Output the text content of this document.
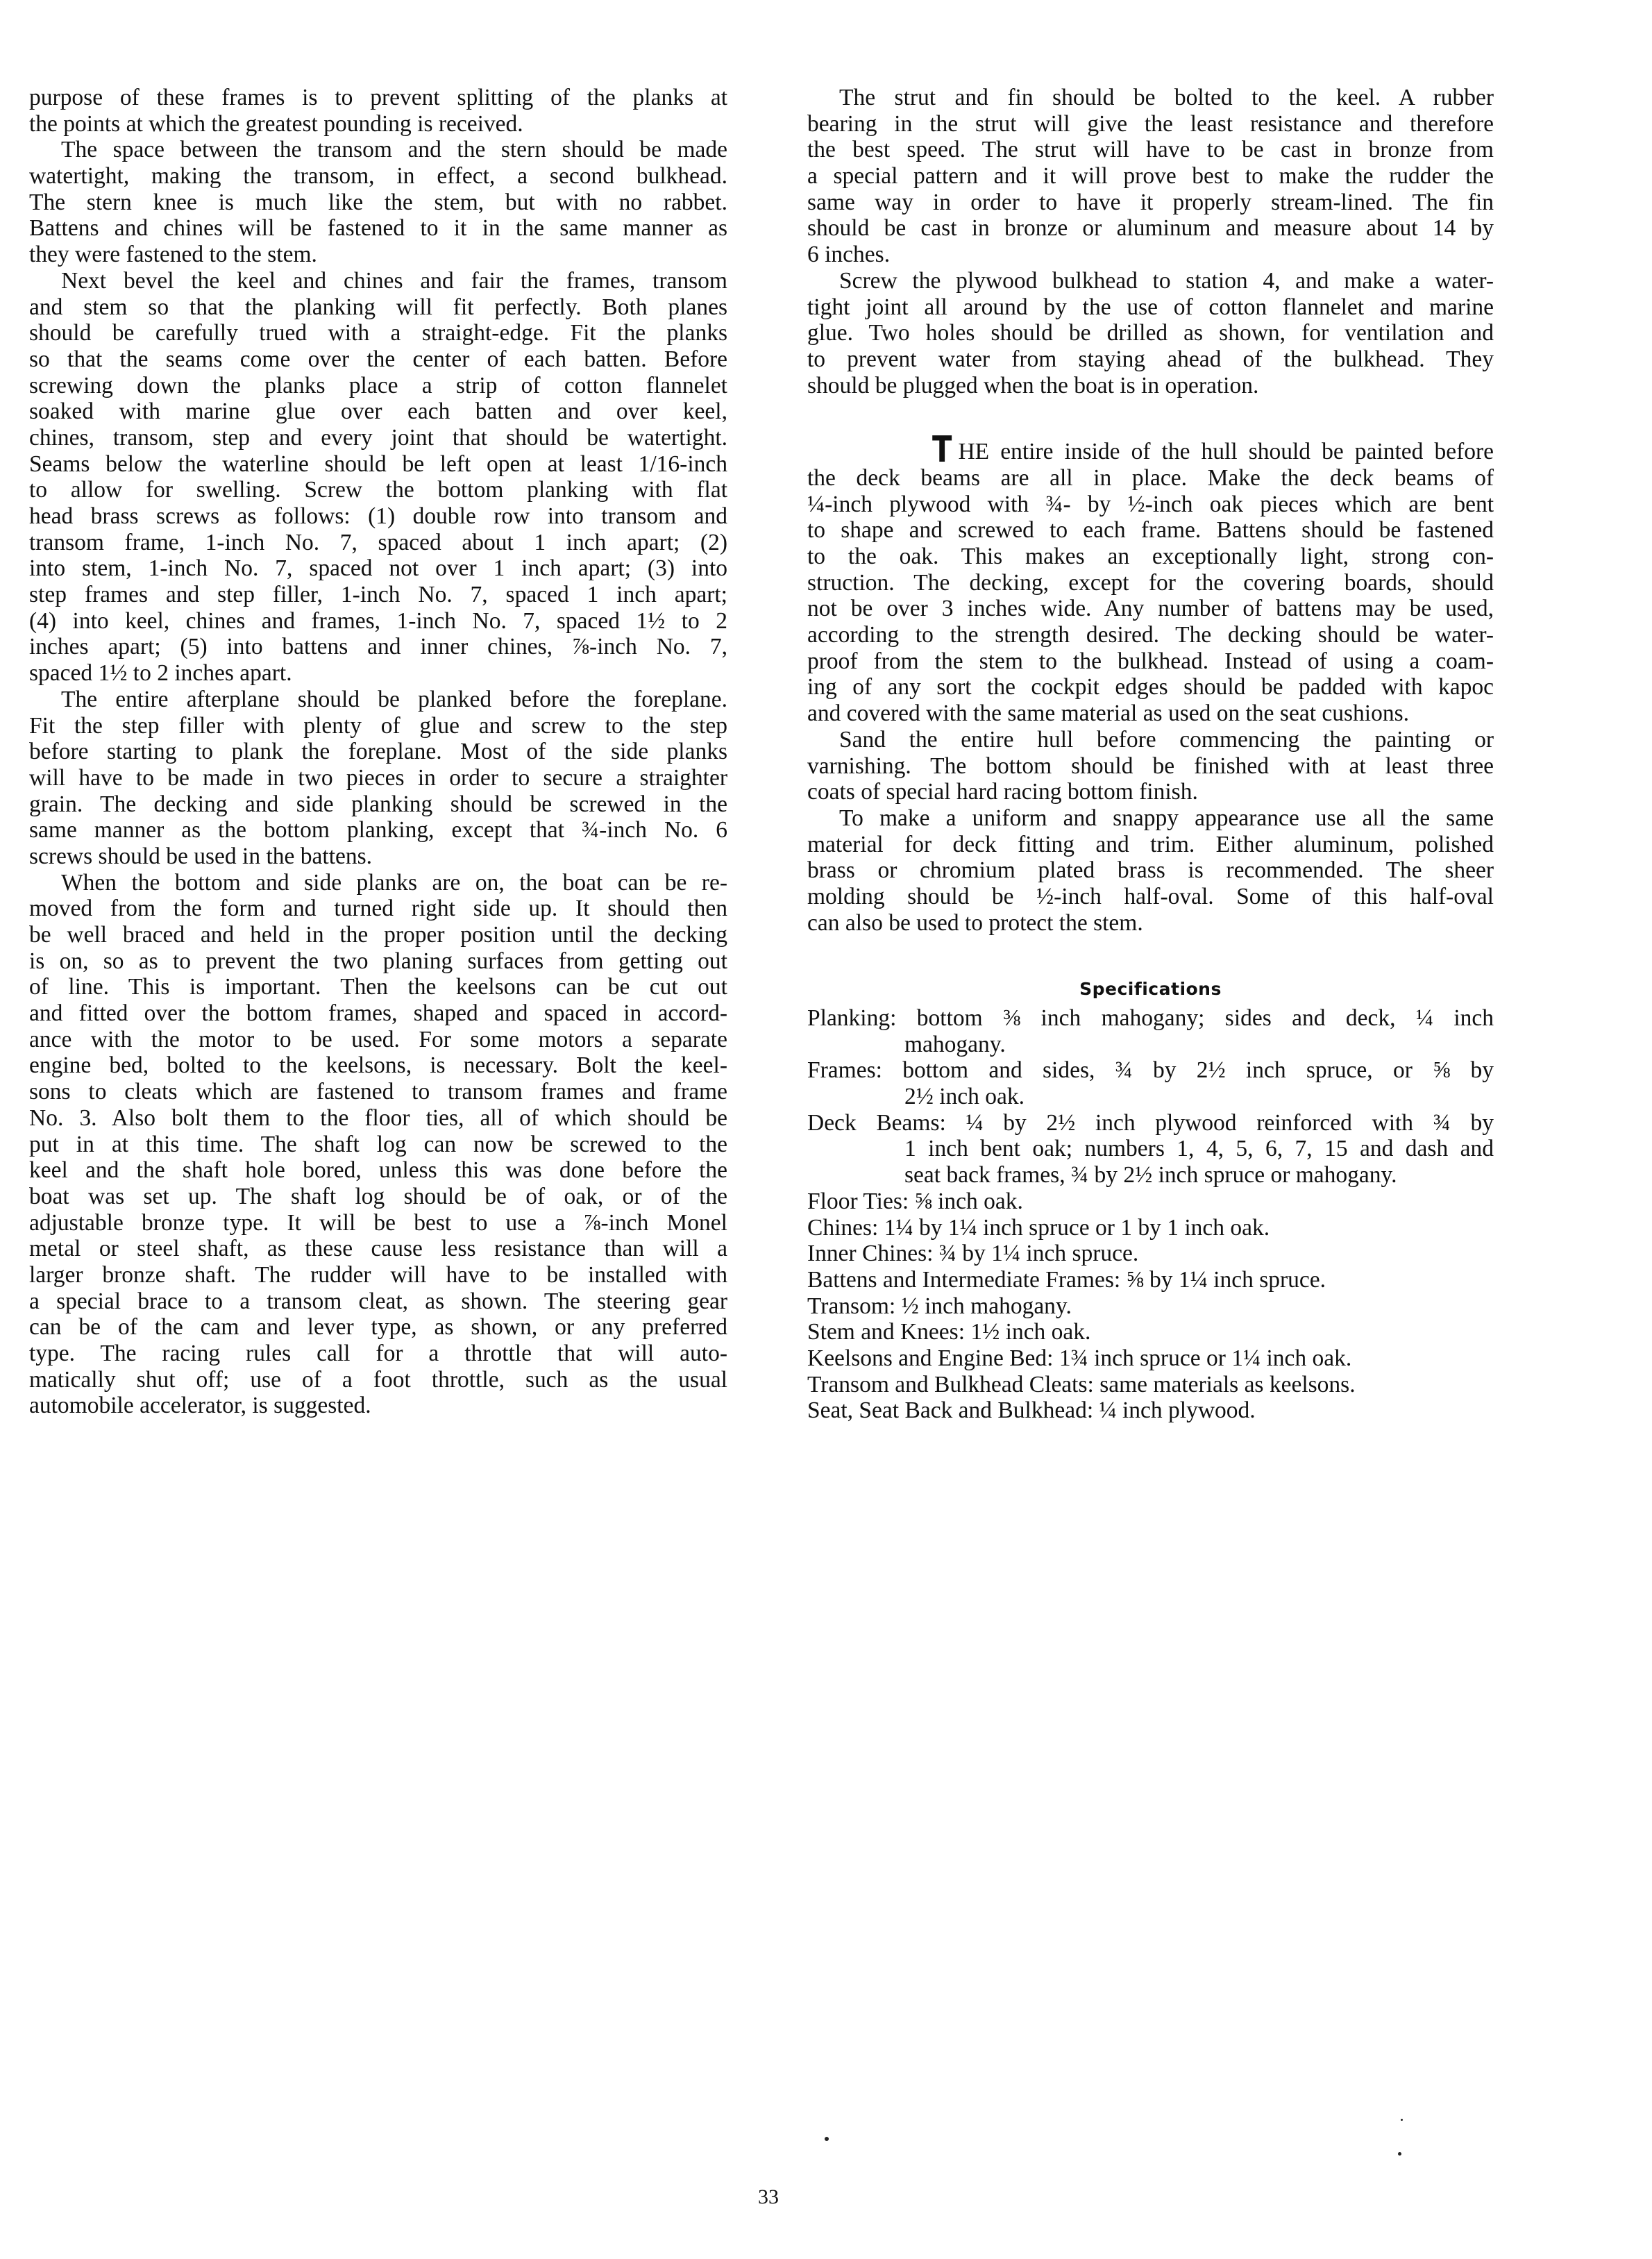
purpose of these frames is to prevent splitting of the planks at
the points at which the greatest pounding is received.
The space between the transom and the stern should be made
watertight, making the transom, in effect, a second bulkhead.
The stern knee is much like the stem, but with no rabbet.
Battens and chines will be fastened to it in the same manner as
they were fastened to the stem.
Next bevel the keel and chines and fair the frames, transom
and stem so that the planking will fit perfectly. Both planes
should be carefully trued with a straight-edge. Fit the planks
so that the seams come over the center of each batten. Before
screwing down the planks place a strip of cotton flannelet
soaked with marine glue over each batten and over keel,
chines, transom, step and every joint that should be watertight.
Seams below the waterline should be left open at least 1/16-inch
to allow for swelling. Screw the bottom planking with flat
head brass screws as follows: (1) double row into transom and
transom frame, 1-inch No. 7, spaced about 1 inch apart; (2)
into stem, 1-inch No. 7, spaced not over 1 inch apart; (3) into
step frames and step filler, 1-inch No. 7, spaced 1 inch apart;
(4) into keel, chines and frames, 1-inch No. 7, spaced 1½ to 2
inches apart; (5) into battens and inner chines, ⅞-inch No. 7,
spaced 1½ to 2 inches apart.
The entire afterplane should be planked before the foreplane.
Fit the step filler with plenty of glue and screw to the step
before starting to plank the foreplane. Most of the side planks
will have to be made in two pieces in order to secure a straighter
grain. The decking and side planking should be screwed in the
same manner as the bottom planking, except that ¾-inch No. 6
screws should be used in the battens.
When the bottom and side planks are on, the boat can be re-
moved from the form and turned right side up. It should then
be well braced and held in the proper position until the decking
is on, so as to prevent the two planing surfaces from getting out
of line. This is important. Then the keelsons can be cut out
and fitted over the bottom frames, shaped and spaced in accord-
ance with the motor to be used. For some motors a separate
engine bed, bolted to the keelsons, is necessary. Bolt the keel-
sons to cleats which are fastened to transom frames and frame
No. 3. Also bolt them to the floor ties, all of which should be
put in at this time. The shaft log can now be screwed to the
keel and the shaft hole bored, unless this was done before the
boat was set up. The shaft log should be of oak, or of the
adjustable bronze type. It will be best to use a ⅞-inch Monel
metal or steel shaft, as these cause less resistance than will a
larger bronze shaft. The rudder will have to be installed with
a special brace to a transom cleat, as shown. The steering gear
can be of the cam and lever type, as shown, or any preferred
type. The racing rules call for a throttle that will auto-
matically shut off; use of a foot throttle, such as the usual
automobile accelerator, is suggested.
The strut and fin should be bolted to the keel. A rubber
bearing in the strut will give the least resistance and therefore
the best speed. The strut will have to be cast in bronze from
a special pattern and it will prove best to make the rudder the
same way in order to have it properly stream-lined. The fin
should be cast in bronze or aluminum and measure about 14 by
6 inches.
Screw the plywood bulkhead to station 4, and make a water-
tight joint all around by the use of cotton flannelet and marine
glue. Two holes should be drilled as shown, for ventilation and
to prevent water from staying ahead of the bulkhead. They
should be plugged when the boat is in operation.
THE entire inside of the hull should be painted before
the deck beams are all in place. Make the deck beams of
¼-inch plywood with ¾- by ½-inch oak pieces which are bent
to shape and screwed to each frame. Battens should be fastened
to the oak. This makes an exceptionally light, strong con-
struction. The decking, except for the covering boards, should
not be over 3 inches wide. Any number of battens may be used,
according to the strength desired. The decking should be water-
proof from the stem to the bulkhead. Instead of using a coam-
ing of any sort the cockpit edges should be padded with kapoc
and covered with the same material as used on the seat cushions.
Sand the entire hull before commencing the painting or
varnishing. The bottom should be finished with at least three
coats of special hard racing bottom finish.
To make a uniform and snappy appearance use all the same
material for deck fitting and trim. Either aluminum, polished
brass or chromium plated brass is recommended. The sheer
molding should be ½-inch half-oval. Some of this half-oval
can also be used to protect the stem.
Specifications
Planking: bottom ⅜ inch mahogany; sides and deck, ¼ inch
mahogany.
Frames: bottom and sides, ¾ by 2½ inch spruce, or ⅝ by
2½ inch oak.
Deck Beams: ¼ by 2½ inch plywood reinforced with ¾ by
1 inch bent oak; numbers 1, 4, 5, 6, 7, 15 and dash and
seat back frames, ¾ by 2½ inch spruce or mahogany.
Floor Ties: ⅝ inch oak.
Chines: 1¼ by 1¼ inch spruce or 1 by 1 inch oak.
Inner Chines: ¾ by 1¼ inch spruce.
Battens and Intermediate Frames: ⅝ by 1¼ inch spruce.
Transom: ½ inch mahogany.
Stem and Knees: 1½ inch oak.
Keelsons and Engine Bed: 1¾ inch spruce or 1¼ inch oak.
Transom and Bulkhead Cleats: same materials as keelsons.
Seat, Seat Back and Bulkhead: ¼ inch plywood.
33
